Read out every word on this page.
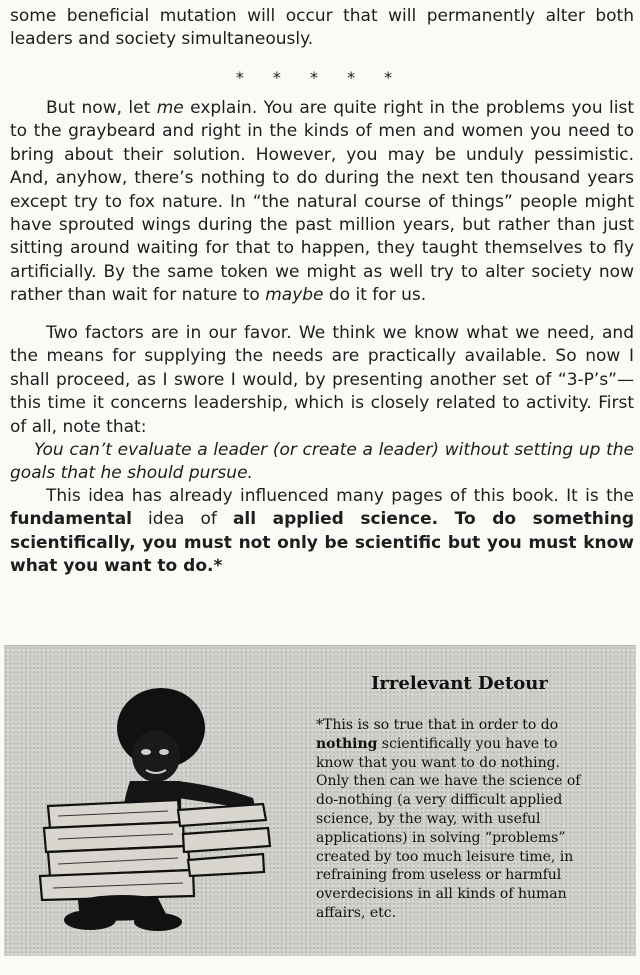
some beneficial mutation will occur that will permanently alter both leaders and society simultaneously.

* * * * *

But now, let me explain. You are quite right in the problems you list to the graybeard and right in the kinds of men and women you need to bring about their solution. However, you may be unduly pessimistic. And, anyhow, there’s nothing to do during the next ten thousand years except try to fox nature. In “the natural course of things” people might have sprouted wings during the past million years, but rather than just sitting around waiting for that to happen, they taught themselves to fly artificially. By the same token we might as well try to alter society now rather than wait for nature to maybe do it for us.

Two factors are in our favor. We think we know what we need, and the means for supplying the needs are practically available. So now I shall proceed, as I swore I would, by presenting another set of “3-P’s”—this time it concerns leadership, which is closely related to activity. First of all, note that:

You can’t evaluate a leader (or create a leader) without setting up the goals that he should pursue.

This idea has already influenced many pages of this book. It is the fundamental idea of all applied science. To do something scientifically, you must not only be scientific but you must know what you want to do.*

Irrelevant Detour

*This is so true that in order to do nothing scientifically you have to know that you want to do nothing. Only then can we have the science of do-nothing (a very difficult applied science, by the way, with useful applications) in solving “problems” created by too much leisure time, in refraining from useless or harmful overdecisions in all kinds of human affairs, etc.
